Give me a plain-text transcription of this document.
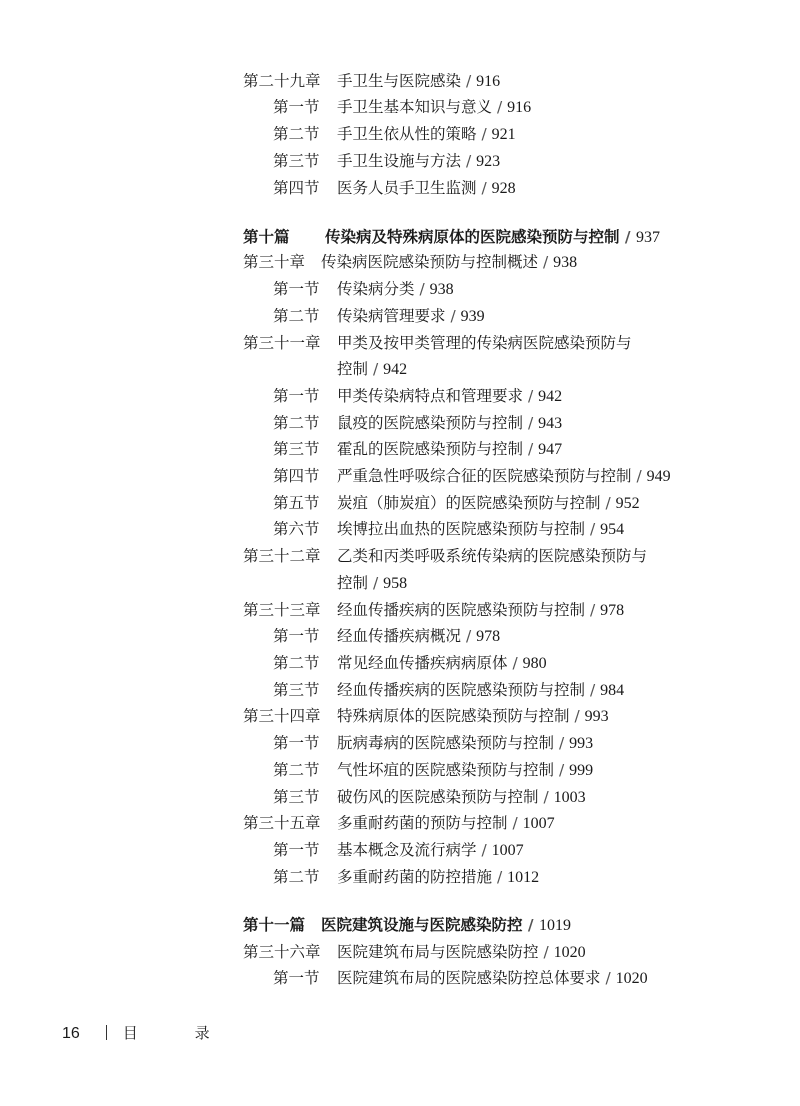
第二十九章 手卫生与医院感染 / 916
第一节 手卫生基本知识与意义 / 916
第二节 手卫生依从性的策略 / 921
第三节 手卫生设施与方法 / 923
第四节 医务人员手卫生监测 / 928
第十篇 传染病及特殊病原体的医院感染预防与控制 / 937
第三十章 传染病医院感染预防与控制概述 / 938
第一节 传染病分类 / 938
第二节 传染病管理要求 / 939
第三十一章 甲类及按甲类管理的传染病医院感染预防与
控制 / 942
第一节 甲类传染病特点和管理要求 / 942
第二节 鼠疫的医院感染预防与控制 / 943
第三节 霍乱的医院感染预防与控制 / 947
第四节 严重急性呼吸综合征的医院感染预防与控制 / 949
第五节 炭疽（肺炭疽）的医院感染预防与控制 / 952
第六节 埃博拉出血热的医院感染预防与控制 / 954
第三十二章 乙类和丙类呼吸系统传染病的医院感染预防与
控制 / 958
第三十三章 经血传播疾病的医院感染预防与控制 / 978
第一节 经血传播疾病概况 / 978
第二节 常见经血传播疾病病原体 / 980
第三节 经血传播疾病的医院感染预防与控制 / 984
第三十四章 特殊病原体的医院感染预防与控制 / 993
第一节 朊病毒病的医院感染预防与控制 / 993
第二节 气性坏疽的医院感染预防与控制 / 999
第三节 破伤风的医院感染预防与控制 / 1003
第三十五章 多重耐药菌的预防与控制 / 1007
第一节 基本概念及流行病学 / 1007
第二节 多重耐药菌的防控措施 / 1012
第十一篇 医院建筑设施与医院感染防控 / 1019
第三十六章 医院建筑布局与医院感染防控 / 1020
第一节 医院建筑布局的医院感染防控总体要求 / 1020
16	目 录
